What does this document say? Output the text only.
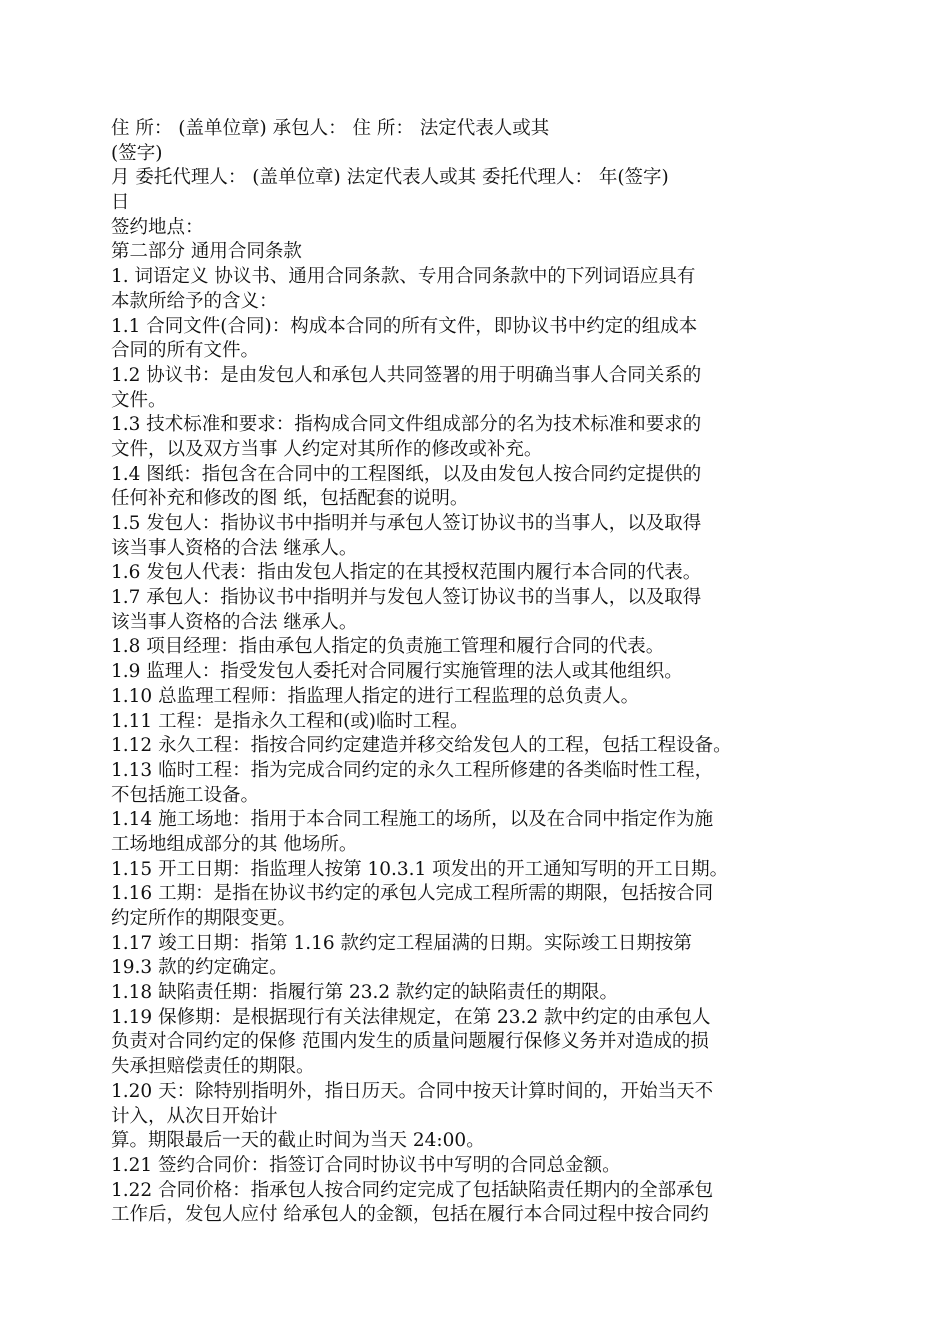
住 所： (盖单位章) 承包人： 住 所： 法定代表人或其
(签字)
月 委托代理人： (盖单位章) 法定代表人或其 委托代理人： 年(签字)
日
签约地点：
第二部分 通用合同条款
1. 词语定义 协议书、通用合同条款、专用合同条款中的下列词语应具有
本款所给予的含义：
1.1 合同文件(合同)：构成本合同的所有文件，即协议书中约定的组成本
合同的所有文件。
1.2 协议书：是由发包人和承包人共同签署的用于明确当事人合同关系的
文件。
1.3 技术标准和要求：指构成合同文件组成部分的名为技术标准和要求的
文件，以及双方当事 人约定对其所作的修改或补充。
1.4 图纸：指包含在合同中的工程图纸，以及由发包人按合同约定提供的
任何补充和修改的图 纸，包括配套的说明。
1.5 发包人：指协议书中指明并与承包人签订协议书的当事人，以及取得
该当事人资格的合法 继承人。
1.6 发包人代表：指由发包人指定的在其授权范围内履行本合同的代表。
1.7 承包人：指协议书中指明并与发包人签订协议书的当事人，以及取得
该当事人资格的合法 继承人。
1.8 项目经理：指由承包人指定的负责施工管理和履行合同的代表。
1.9 监理人：指受发包人委托对合同履行实施管理的法人或其他组织。
1.10 总监理工程师：指监理人指定的进行工程监理的总负责人。
1.11 工程：是指永久工程和(或)临时工程。
1.12 永久工程：指按合同约定建造并移交给发包人的工程，包括工程设备。
1.13 临时工程：指为完成合同约定的永久工程所修建的各类临时性工程，
不包括施工设备。
1.14 施工场地：指用于本合同工程施工的场所，以及在合同中指定作为施
工场地组成部分的其 他场所。
1.15 开工日期：指监理人按第 10.3.1 项发出的开工通知写明的开工日期。
1.16 工期：是指在协议书约定的承包人完成工程所需的期限，包括按合同
约定所作的期限变更。
1.17 竣工日期：指第 1.16 款约定工程届满的日期。实际竣工日期按第
19.3 款的约定确定。
1.18 缺陷责任期：指履行第 23.2 款约定的缺陷责任的期限。
1.19 保修期：是根据现行有关法律规定，在第 23.2 款中约定的由承包人
负责对合同约定的保修 范围内发生的质量问题履行保修义务并对造成的损
失承担赔偿责任的期限。
1.20 天：除特别指明外，指日历天。合同中按天计算时间的，开始当天不
计入，从次日开始计
算。期限最后一天的截止时间为当天 24:00。
1.21 签约合同价：指签订合同时协议书中写明的合同总金额。
1.22 合同价格：指承包人按合同约定完成了包括缺陷责任期内的全部承包
工作后，发包人应付 给承包人的金额，包括在履行本合同过程中按合同约
